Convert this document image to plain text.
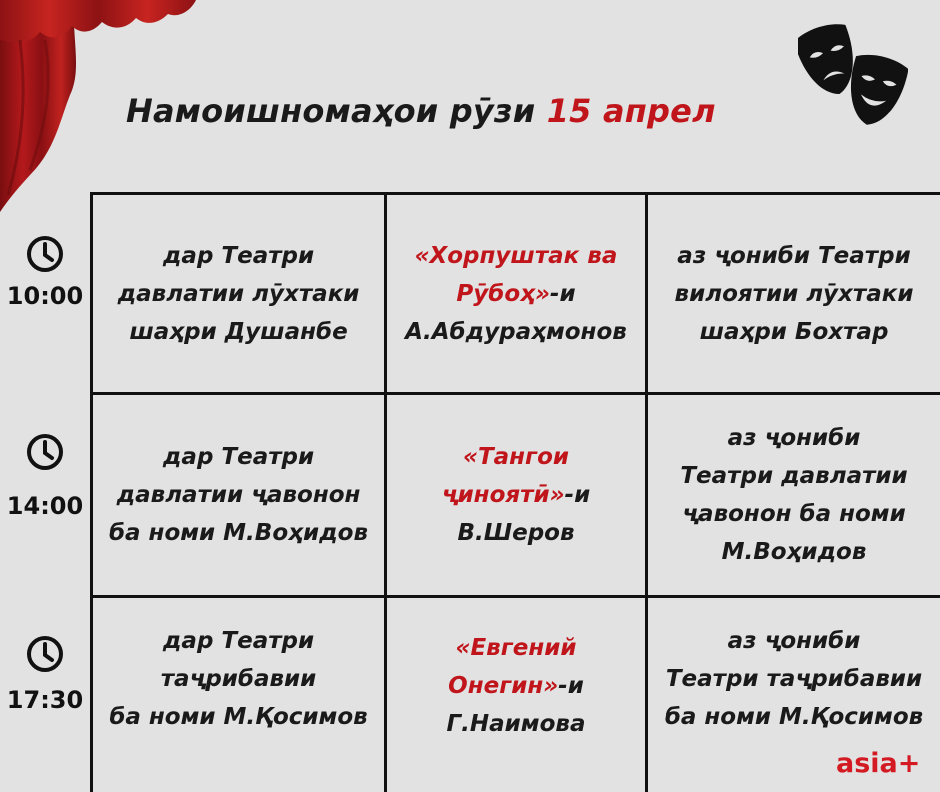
Намоишномаҳои рӯзи 15 апрел
10:00
дар Театри
давлатии лӯхтаки
шаҳри Душанбе
«Хорпуштак ва
Рӯбоҳ»-и
А.Абдураҳмонов
аз ҷониби Театри
вилоятии лӯхтаки
шаҳри Бохтар
14:00
дар Театри
давлатии ҷавонон
ба номи М.Воҳидов
«Тангои
ҷиноятӣ»-и
В.Шеров
аз ҷониби
Театри давлатии
ҷавонон ба номи
М.Воҳидов
17:30
дар Театри
таҷрибавии
ба номи М.Қосимов
«Евгений
Онегин»-и
Г.Наимова
аз ҷониби
Театри таҷрибавии
ба номи М.Қосимов
asia+
